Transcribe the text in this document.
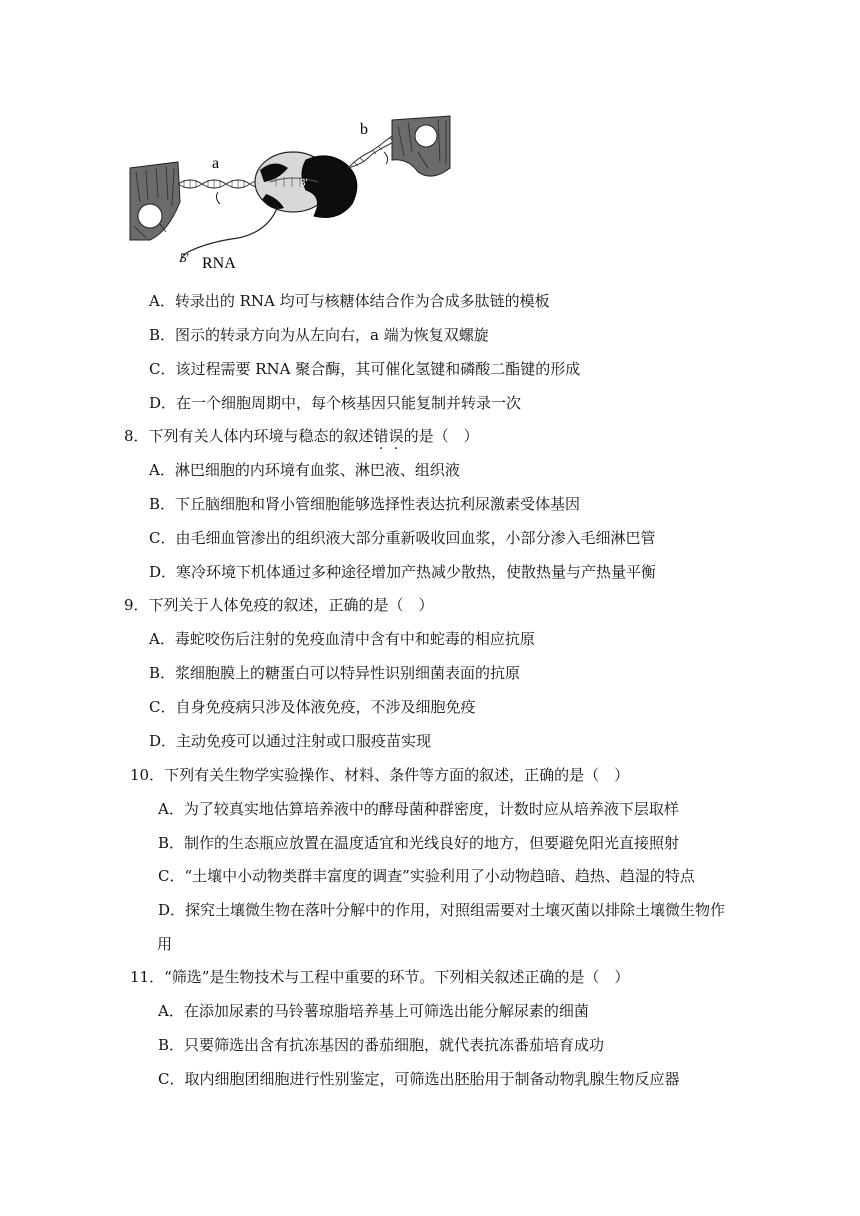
a
3′
5′ RNA
b
A．转录出的 RNA 均可与核糖体结合作为合成多肽链的模板
B．图示的转录方向为从左向右，a 端为恢复双螺旋
C．该过程需要 RNA 聚合酶，其可催化氢键和磷酸二酯键的形成
D．在一个细胞周期中，每个核基因只能复制并转录一次
8．下列有关人体内环境与稳态的叙述错误的是（　）
A．淋巴细胞的内环境有血浆、淋巴液、组织液
B．下丘脑细胞和肾小管细胞能够选择性表达抗利尿激素受体基因
C．由毛细血管渗出的组织液大部分重新吸收回血浆，小部分渗入毛细淋巴管
D．寒冷环境下机体通过多种途径增加产热减少散热，使散热量与产热量平衡
9．下列关于人体免疫的叙述，正确的是（　）
A．毒蛇咬伤后注射的免疫血清中含有中和蛇毒的相应抗原
B．浆细胞膜上的糖蛋白可以特异性识别细菌表面的抗原
C．自身免疫病只涉及体液免疫，不涉及细胞免疫
D．主动免疫可以通过注射或口服疫苗实现
10．下列有关生物学实验操作、材料、条件等方面的叙述，正确的是（　）
A．为了较真实地估算培养液中的酵母菌种群密度，计数时应从培养液下层取样
B．制作的生态瓶应放置在温度适宜和光线良好的地方，但要避免阳光直接照射
C．“土壤中小动物类群丰富度的调查”实验利用了小动物趋暗、趋热、趋湿的特点
D．探究土壤微生物在落叶分解中的作用，对照组需要对土壤灭菌以排除土壤微生物作
用
11．“筛选”是生物技术与工程中重要的环节。下列相关叙述正确的是（　）
A．在添加尿素的马铃薯琼脂培养基上可筛选出能分解尿素的细菌
B．只要筛选出含有抗冻基因的番茄细胞，就代表抗冻番茄培育成功
C．取内细胞团细胞进行性别鉴定，可筛选出胚胎用于制备动物乳腺生物反应器
